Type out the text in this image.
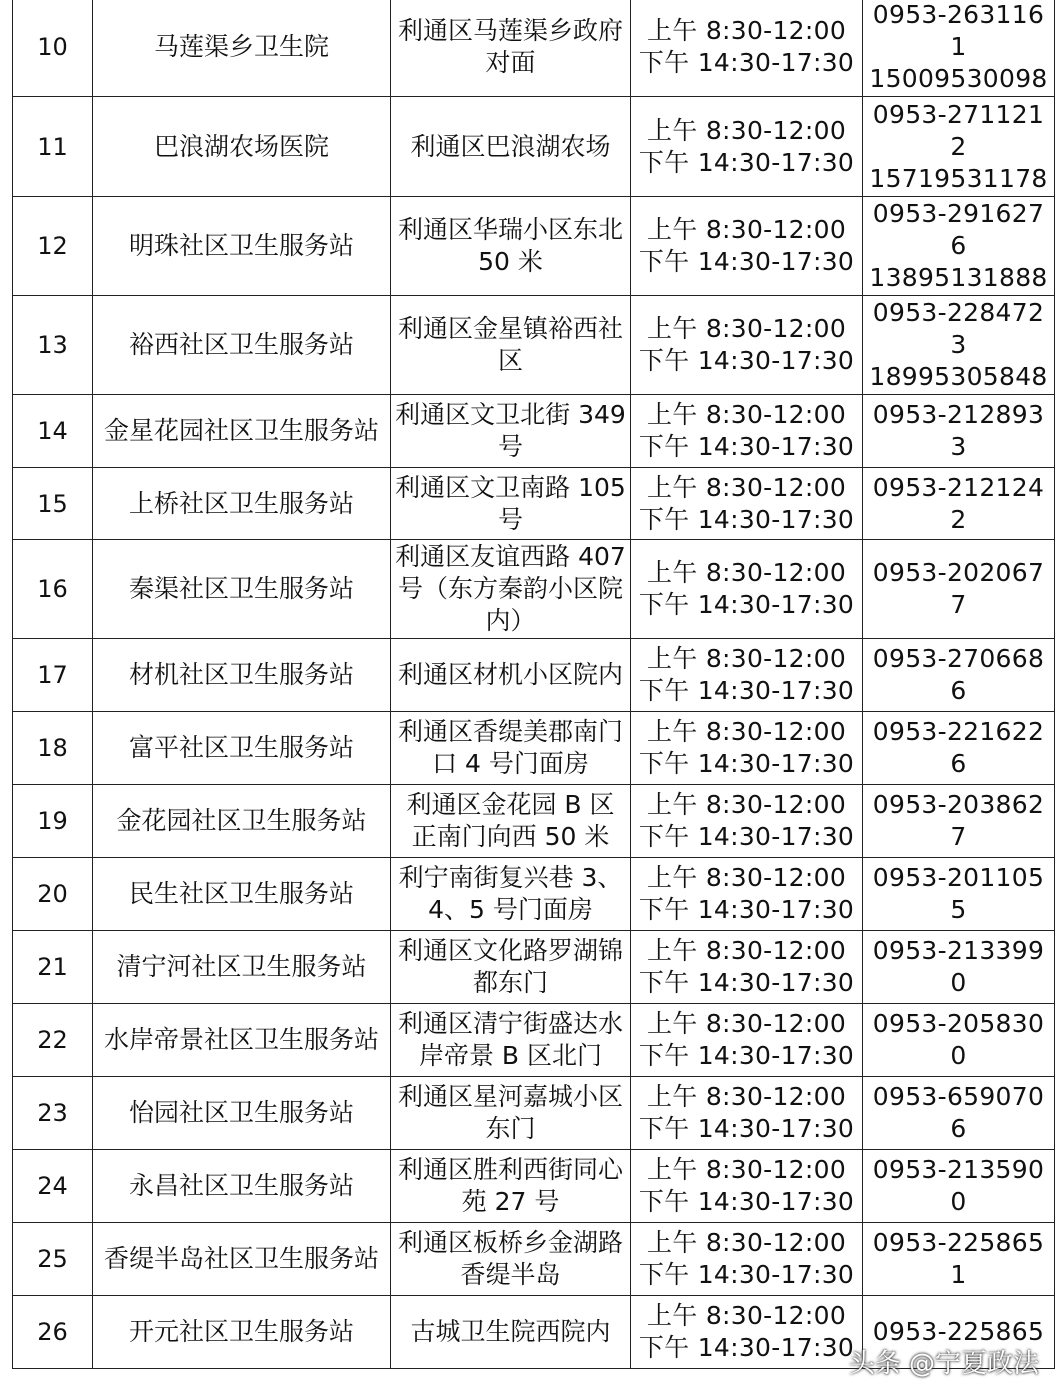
10	马莲渠乡卫生院	利通区马莲渠乡政府对面	上午 8:30-12:00
下午 14:30-17:30	0953-2631161
15009530098

11	巴浪湖农场医院	利通区巴浪湖农场	上午 8:30-12:00
下午 14:30-17:30	0953-2711212
15719531178

12	明珠社区卫生服务站	利通区华瑞小区东北 50 米	上午 8:30-12:00
下午 14:30-17:30	0953-2916276
13895131888

13	裕西社区卫生服务站	利通区金星镇裕西社区	上午 8:30-12:00
下午 14:30-17:30	0953-2284723
18995305848

14	金星花园社区卫生服务站	利通区文卫北街 349 号	上午 8:30-12:00
下午 14:30-17:30	0953-2128933

15	上桥社区卫生服务站	利通区文卫南路 105 号	上午 8:30-12:00
下午 14:30-17:30	0953-2121242

16	秦渠社区卫生服务站	利通区友谊西路 407 号（东方秦韵小区院内）	上午 8:30-12:00
下午 14:30-17:30	0953-2020677

17	材机社区卫生服务站	利通区材机小区院内	上午 8:30-12:00
下午 14:30-17:30	0953-2706686

18	富平社区卫生服务站	利通区香缇美郡南门口 4 号门面房	上午 8:30-12:00
下午 14:30-17:30	0953-2216226

19	金花园社区卫生服务站	利通区金花园 B 区正南门向西 50 米	上午 8:30-12:00
下午 14:30-17:30	0953-2038627

20	民生社区卫生服务站	利宁南街复兴巷 3、4、5 号门面房	上午 8:30-12:00
下午 14:30-17:30	0953-2011055

21	清宁河社区卫生服务站	利通区文化路罗湖锦都东门	上午 8:30-12:00
下午 14:30-17:30	0953-2133990

22	水岸帝景社区卫生服务站	利通区清宁街盛达水岸帝景 B 区北门	上午 8:30-12:00
下午 14:30-17:30	0953-2058300

23	怡园社区卫生服务站	利通区星河嘉城小区东门	上午 8:30-12:00
下午 14:30-17:30	0953-6590706

24	永昌社区卫生服务站	利通区胜利西街同心苑 27 号	上午 8:30-12:00
下午 14:30-17:30	0953-2135900

25	香缇半岛社区卫生服务站	利通区板桥乡金湖路香缇半岛	上午 8:30-12:00
下午 14:30-17:30	0953-2258651

26	开元社区卫生服务站	古城卫生院西院内	上午 8:30-12:00
下午 14:30-17:30	0953-225865
头条 @宁夏政法
